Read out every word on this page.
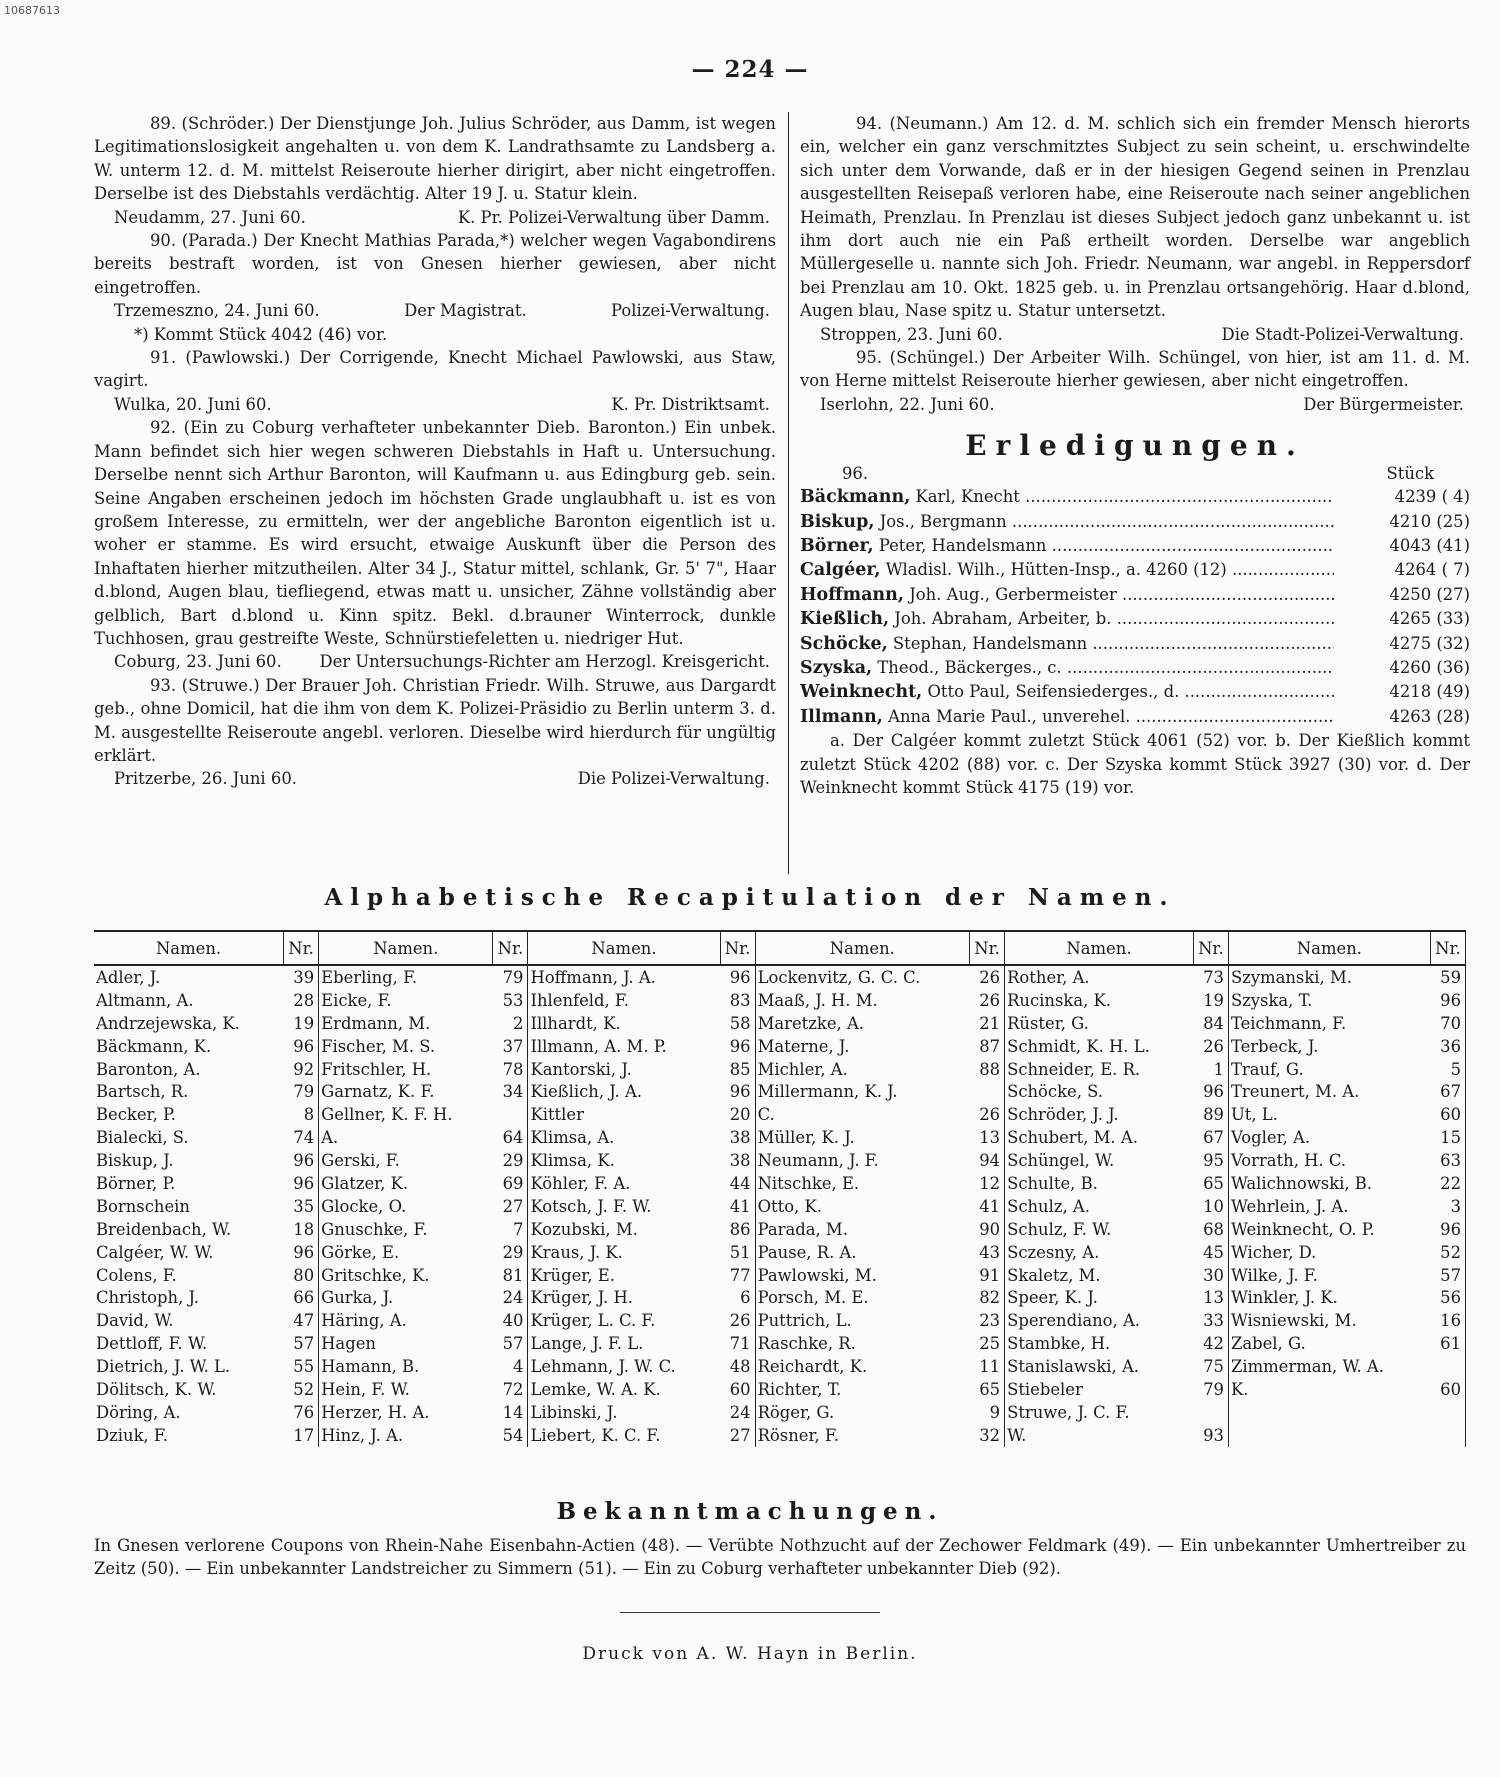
10687613
— 224 —

89. (Schröder.) Der Dienstjunge Joh. Julius Schröder, aus Damm, ist wegen Legitimationslosigkeit angehalten u. von dem K. Landrathsamte zu Landsberg a. W. unterm 12. d. M. mittelst Reiseroute hierher dirigirt, aber nicht eingetroffen. Derselbe ist des Diebstahls verdächtig. Alter 19 J. u. Statur klein.

Neudamm, 27. Juni 60.	K. Pr. Polizei-Verwaltung über Damm.

90. (Parada.) Der Knecht Mathias Parada,*) welcher wegen Vagabondirens bereits bestraft worden, ist von Gnesen hierher gewiesen, aber nicht eingetroffen.

Trzemeszno, 24. Juni 60.	Der Magistrat.	Polizei-Verwaltung.

*) Kommt Stück 4042 (46) vor.

91. (Pawlowski.) Der Corrigende, Knecht Michael Pawlowski, aus Staw, vagirt.

Wulka, 20. Juni 60.	K. Pr. Distriktsamt.

92. (Ein zu Coburg verhafteter unbekannter Dieb. Baronton.) Ein unbek. Mann befindet sich hier wegen schweren Diebstahls in Haft u. Untersuchung. Derselbe nennt sich Arthur Baronton, will Kaufmann u. aus Edingburg geb. sein. Seine Angaben erscheinen jedoch im höchsten Grade unglaubhaft u. ist es von großem Interesse, zu ermitteln, wer der angebliche Baronton eigentlich ist u. woher er stamme. Es wird ersucht, etwaige Auskunft über die Person des Inhaftaten hierher mitzutheilen. Alter 34 J., Statur mittel, schlank, Gr. 5' 7", Haar d.blond, Augen blau, tiefliegend, etwas matt u. unsicher, Zähne vollständig aber gelblich, Bart d.blond u. Kinn spitz. Bekl. d.brauner Winterrock, dunkle Tuchhosen, grau gestreifte Weste, Schnürstiefeletten u. niedriger Hut.

Coburg, 23. Juni 60. Der Untersuchungs-Richter am Herzogl. Kreisgericht.

93. (Struwe.) Der Brauer Joh. Christian Friedr. Wilh. Struwe, aus Dargardt geb., ohne Domicil, hat die ihm von dem K. Polizei-Präsidio zu Berlin unterm 3. d. M. ausgestellte Reiseroute angebl. verloren. Dieselbe wird hierdurch für ungültig erklärt.

Pritzerbe, 26. Juni 60.	Die Polizei-Verwaltung.

94. (Neumann.) Am 12. d. M. schlich sich ein fremder Mensch hierorts ein, welcher ein ganz verschmitztes Subject zu sein scheint, u. erschwindelte sich unter dem Vorwande, daß er in der hiesigen Gegend seinen in Prenzlau ausgestellten Reisepaß verloren habe, eine Reiseroute nach seiner angeblichen Heimath, Prenzlau. In Prenzlau ist dieses Subject jedoch ganz unbekannt u. ist ihm dort auch nie ein Paß ertheilt worden. Derselbe war angeblich Müllergeselle u. nannte sich Joh. Friedr. Neumann, war angebl. in Reppersdorf bei Prenzlau am 10. Okt. 1825 geb. u. in Prenzlau ortsangehörig. Haar d.blond, Augen blau, Nase spitz u. Statur untersetzt.

Stroppen, 23. Juni 60.	Die Stadt-Polizei-Verwaltung.

95. (Schüngel.) Der Arbeiter Wilh. Schüngel, von hier, ist am 11. d. M. von Herne mittelst Reiseroute hierher gewiesen, aber nicht eingetroffen.

Iserlohn, 22. Juni 60.	Der Bürgermeister.
Erledigungen.
96.	Stück
Bäckmann, Karl, Knecht .....	4239 ( 4)
Biskup, Jos., Bergmann .....	4210 (25)
Börner, Peter, Handelsmann .....	4043 (41)
Calgéer, Wladisl. Wilh., Hütten-Insp., a. 4260 (12) .....	4264 ( 7)
Hoffmann, Joh. Aug., Gerbermeister .....	4250 (27)
Kießlich, Joh. Abraham, Arbeiter, b. .....	4265 (33)
Schöcke, Stephan, Handelsmann .....	4275 (32)
Szyska, Theod., Bäckerges., c. .....	4260 (36)
Weinknecht, Otto Paul, Seifensiederges., d. .....	4218 (49)
Illmann, Anna Marie Paul., unverehel. .....	4263 (28)

a. Der Calgéer kommt zuletzt Stück 4061 (52) vor. b. Der Kießlich kommt zuletzt Stück 4202 (88) vor. c. Der Szyska kommt Stück 3927 (30) vor. d. Der Weinknecht kommt Stück 4175 (19) vor.

Alphabetische Recapitulation der Namen.
Namen.	Nr.	Namen.	Nr.	Namen.	Nr.	Namen.	Nr.	Namen.	Nr.	Namen.	Nr.
Adler, J.	39	Eberling, F.	79	Hoffmann, J. A.	96	Lockenvitz, G. C. C.	26	Rother, A.	73	Szymanski, M.	59
Altmann, A.	28	Eicke, F.	53	Ihlenfeld, F.	83	Maaß, J. H. M.	26	Rucinska, K.	19	Szyska, T.	96
Andrzejewska, K.	19	Erdmann, M.	2	Illhardt, K.	58	Maretzke, A.	21	Rüster, G.	84	Teichmann, F.	70
Bäckmann, K.	96	Fischer, M. S.	37	Illmann, A. M. P.	96	Materne, J.	87	Schmidt, K. H. L.	26	Terbeck, J.	36
Baronton, A.	92	Fritschler, H.	78	Kantorski, J.	85	Michler, A.	88	Schneider, E. R.	1	Trauf, G.	5
Bartsch, R.	79	Garnatz, K. F.	34	Kießlich, J. A.	96	Millermann, K. J.		Schöcke, S.	96	Treunert, M. A.	67
Becker, P.	8	Gellner, K. F. H.		Kittler	20	C.	26	Schröder, J. J.	89	Ut, L.	60
Bialecki, S.	74	A.	64	Klimsa, A.	38	Müller, K. J.	13	Schubert, M. A.	67	Vogler, A.	15
Biskup, J.	96	Gerski, F.	29	Klimsa, K.	38	Neumann, J. F.	94	Schüngel, W.	95	Vorrath, H. C.	63
Börner, P.	96	Glatzer, K.	69	Köhler, F. A.	44	Nitschke, E.	12	Schulte, B.	65	Walichnowski, B.	22
Bornschein	35	Glocke, O.	27	Kotsch, J. F. W.	41	Otto, K.	41	Schulz, A.	10	Wehrlein, J. A.	3
Breidenbach, W.	18	Gnuschke, F.	7	Kozubski, M.	86	Parada, M.	90	Schulz, F. W.	68	Weinknecht, O. P.	96
Calgéer, W. W.	96	Görke, E.	29	Kraus, J. K.	51	Pause, R. A.	43	Sczesny, A.	45	Wicher, D.	52
Colens, F.	80	Gritschke, K.	81	Krüger, E.	77	Pawlowski, M.	91	Skaletz, M.	30	Wilke, J. F.	57
Christoph, J.	66	Gurka, J.	24	Krüger, J. H.	6	Porsch, M. E.	82	Speer, K. J.	13	Winkler, J. K.	56
David, W.	47	Häring, A.	40	Krüger, L. C. F.	26	Puttrich, L.	23	Sperendiano, A.	33	Wisniewski, M.	16
Dettloff, F. W.	57	Hagen	57	Lange, J. F. L.	71	Raschke, R.	25	Stambke, H.	42	Zabel, G.	61
Dietrich, J. W. L.	55	Hamann, B.	4	Lehmann, J. W. C.	48	Reichardt, K.	11	Stanislawski, A.	75	Zimmerman, W. A.	
Dölitsch, K. W.	52	Hein, F. W.	72	Lemke, W. A. K.	60	Richter, T.	65	Stiebeler	79	K.	60
Döring, A.	76	Herzer, H. A.	14	Libinski, J.	24	Röger, G.	9	Struwe, J. C. F.			
Dziuk, F.	17	Hinz, J. A.	54	Liebert, K. C. F.	27	Rösner, F.	32	W.	93		
Bekanntmachungen.
In Gnesen verlorene Coupons von Rhein-Nahe Eisenbahn-Actien (48). — Verübte Nothzucht auf der Zechower Feldmark (49). — Ein unbekannter Umhertreiber zu Zeitz (50). — Ein unbekannter Landstreicher zu Simmern (51). — Ein zu Coburg verhafteter unbekannter Dieb (92).
Druck von A. W. Hayn in Berlin.
